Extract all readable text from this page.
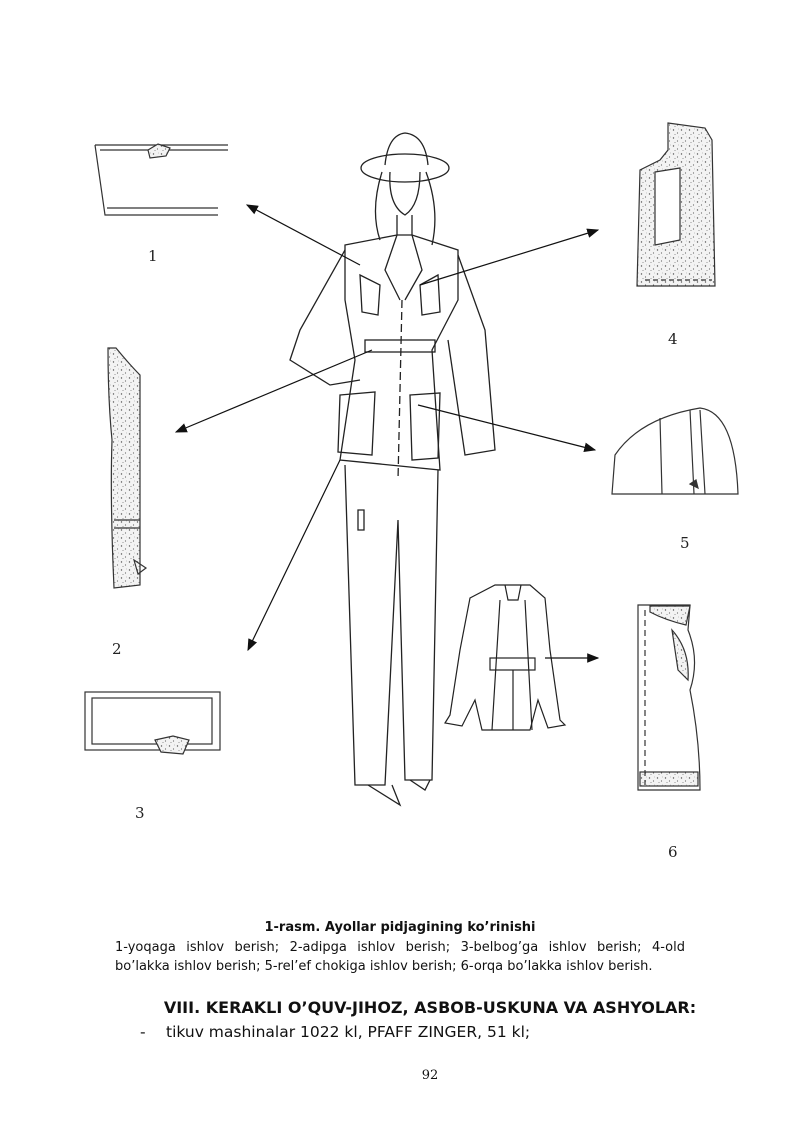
1
2
3
4
5
6
1-rasm. Ayollar pidjagining ko’rinishi
1-yoqaga ishlov berish; 2-adipga ishlov berish; 3-belbog’ga ishlov berish; 4-old bo’lakka ishlov berish; 5-rel’ef chokiga ishlov berish; 6-orqa bo’lakka ishlov berish.
VIII. KERAKLI O’QUV-JIHOZ, ASBOB-USKUNA VA ASHYOLAR:
- tikuv mashinalar 1022 kl, PFAFF ZINGER, 51 kl;
92
